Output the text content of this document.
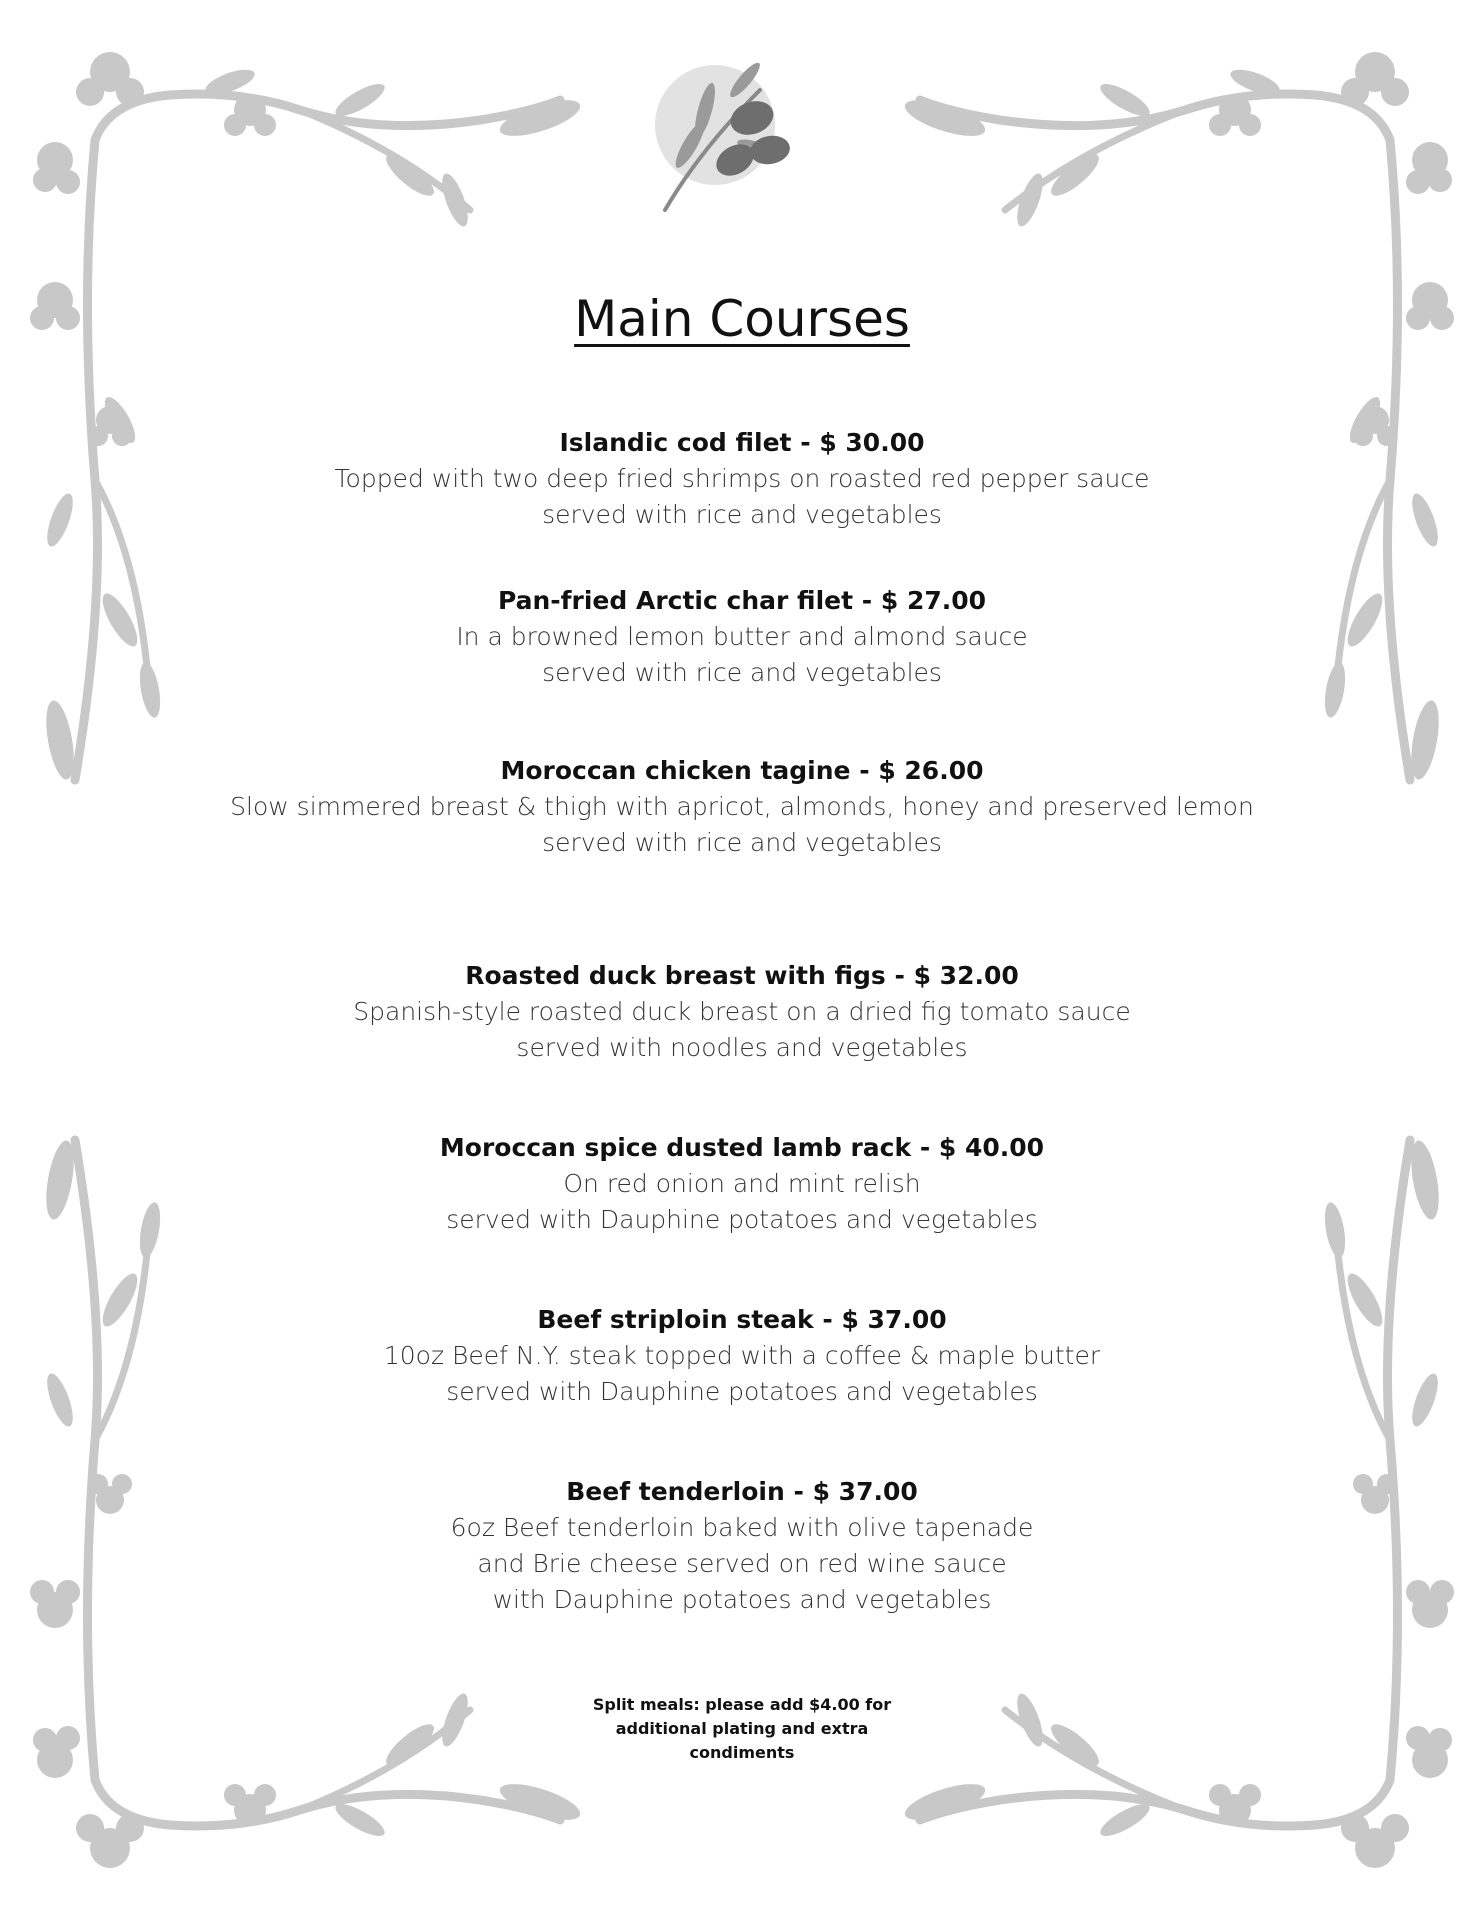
Main Courses
Islandic cod filet - $ 30.00
Topped with two deep fried shrimps on roasted red pepper sauce
served with rice and vegetables
Pan-fried Arctic char filet - $ 27.00
In a browned lemon butter and almond sauce
served with rice and vegetables
Moroccan chicken tagine - $ 26.00
Slow simmered breast & thigh with apricot, almonds, honey and preserved lemon
served with rice and vegetables
Roasted duck breast with figs - $ 32.00
Spanish-style roasted duck breast on a dried fig tomato sauce
served with noodles and vegetables
Moroccan spice dusted lamb rack - $ 40.00
On red onion and mint relish
served with Dauphine potatoes and vegetables
Beef striploin steak - $ 37.00
10oz Beef N.Y. steak topped with a coffee & maple butter
served with Dauphine potatoes and vegetables
Beef tenderloin - $ 37.00
6oz Beef tenderloin baked with olive tapenade
and Brie cheese served on red wine sauce
with Dauphine potatoes and vegetables
Split meals: please add $4.00 for
additional plating and extra
condiments
